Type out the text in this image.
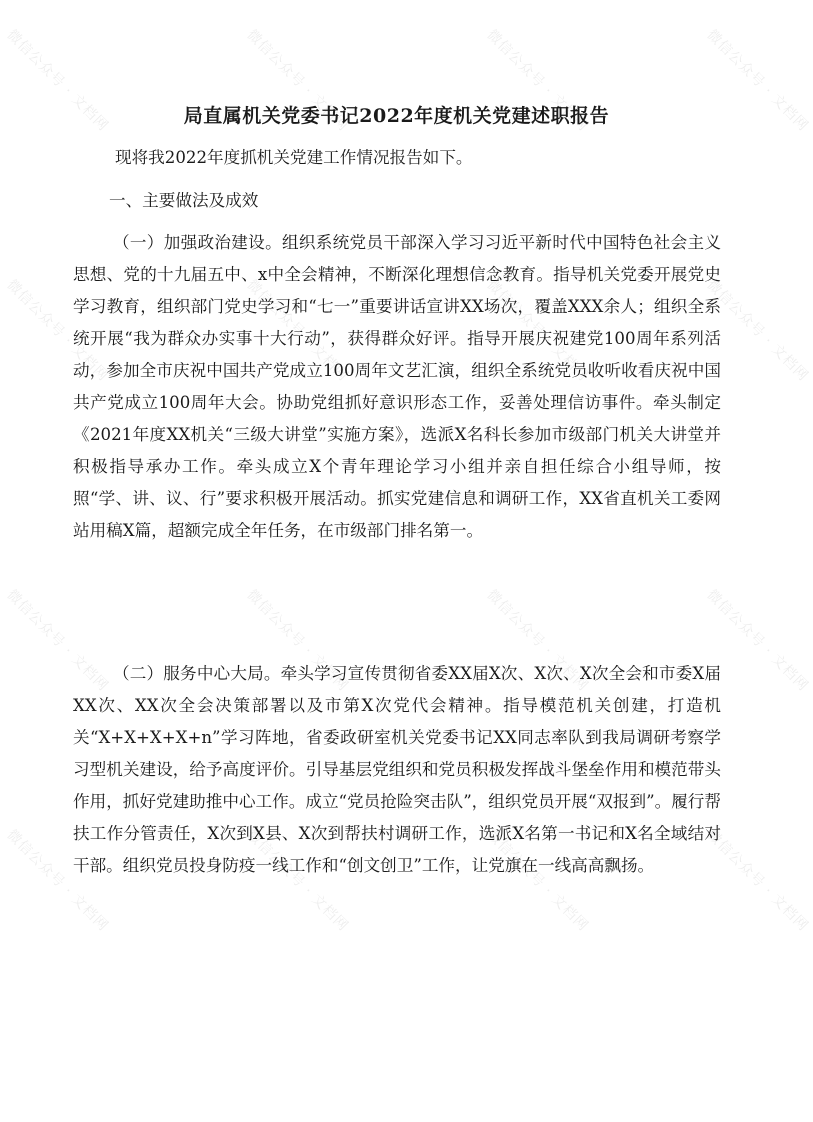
微信公众号 · 文档网	微信公众号 · 文档网	微信公众号 · 文档网	微信公众号 · 文档网
微信公众号 · 文档网	微信公众号 · 文档网	微信公众号 · 文档网	微信公众号 · 文档网
微信公众号 · 文档网	微信公众号 · 文档网	微信公众号 · 文档网	微信公众号 · 文档网
微信公众号 · 文档网	微信公众号 · 文档网	微信公众号 · 文档网	微信公众号 · 文档网
局直属机关党委书记2022年度机关党建述职报告
现将我2022年度抓机关党建工作情况报告如下。
一、主要做法及成效
（一）加强政治建设。组织系统党员干部深入学习习近平新时代中国特色社会主义思想、党的十九届五中、x中全会精神，不断深化理想信念教育。指导机关党委开展党史学习教育，组织部门党史学习和“七一”重要讲话宣讲XX场次，覆盖XXX余人；组织全系统开展“我为群众办实事十大行动”，获得群众好评。指导开展庆祝建党100周年系列活动，参加全市庆祝中国共产党成立100周年文艺汇演，组织全系统党员收听收看庆祝中国共产党成立100周年大会。协助党组抓好意识形态工作，妥善处理信访事件。牵头制定《2021年度XX机关“三级大讲堂”实施方案》，选派X名科长参加市级部门机关大讲堂并积极指导承办工作。牵头成立X个青年理论学习小组并亲自担任综合小组导师，按照“学、讲、议、行”要求积极开展活动。抓实党建信息和调研工作，XX省直机关工委网站用稿X篇，超额完成全年任务，在市级部门排名第一。
（二）服务中心大局。牵头学习宣传贯彻省委XX届X次、X次、X次全会和市委X届XX次、XX次全会决策部署以及市第X次党代会精神。指导模范机关创建，打造机关“X+X+X+X+n”学习阵地，省委政研室机关党委书记XX同志率队到我局调研考察学习型机关建设，给予高度评价。引导基层党组织和党员积极发挥战斗堡垒作用和模范带头作用，抓好党建助推中心工作。成立“党员抢险突击队”，组织党员开展“双报到”。履行帮扶工作分管责任，X次到X县、X次到帮扶村调研工作，选派X名第一书记和X名全域结对干部。组织党员投身防疫一线工作和“创文创卫”工作，让党旗在一线高高飘扬。
